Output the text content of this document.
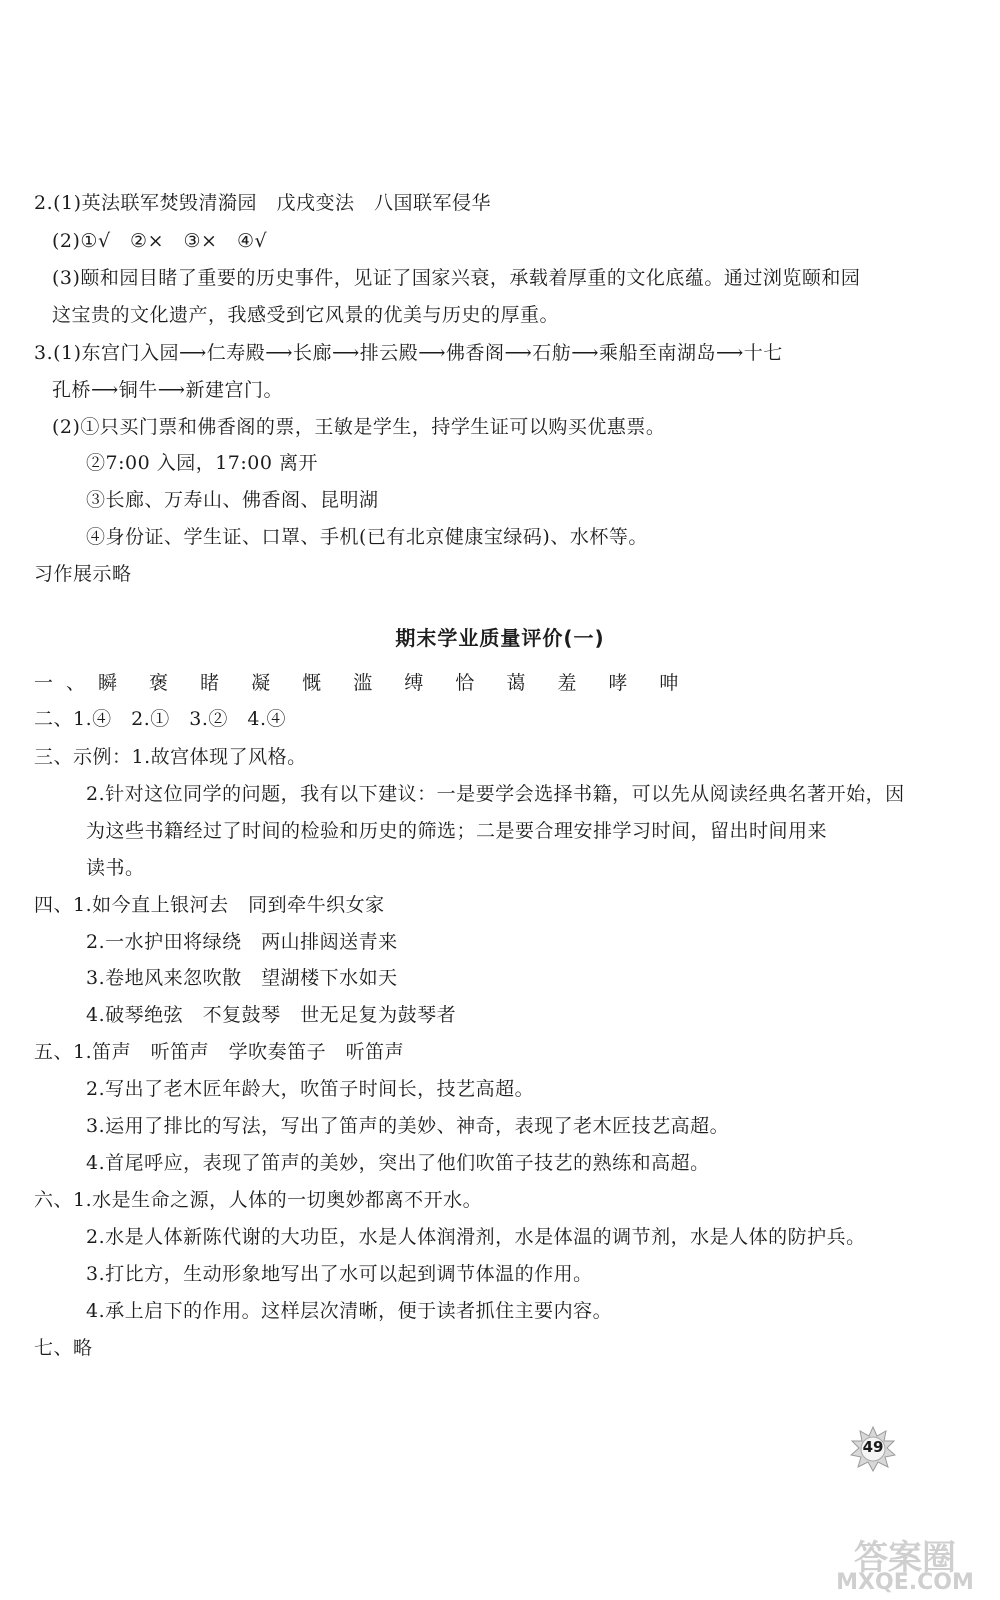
2.(1)英法联军焚毁清漪园　戊戌变法　八国联军侵华
(2)①√　②×　③×　④√
(3)颐和园目睹了重要的历史事件，见证了国家兴衰，承载着厚重的文化底蕴。通过浏览颐和园
这宝贵的文化遗产，我感受到它风景的优美与历史的厚重。
3.(1)东宫门入园⟶仁寿殿⟶长廊⟶排云殿⟶佛香阁⟶石舫⟶乘船至南湖岛⟶十七
孔桥⟶铜牛⟶新建宫门。
(2)①只买门票和佛香阁的票，王敏是学生，持学生证可以购买优惠票。
②7:00 入园，17:00 离开
③长廊、万寿山、佛香阁、昆明湖
④身份证、学生证、口罩、手机(已有北京健康宝绿码)、水杯等。
习作展示略
期末学业质量评价(一)
一、瞬 褒 睹 凝 慨 滥 缚 恰 蔼 羞 哮 呻
二、1.④　2.①　3.②　4.④
三、示例：1.故宫体现了风格。
2.针对这位同学的问题，我有以下建议：一是要学会选择书籍，可以先从阅读经典名著开始，因
为这些书籍经过了时间的检验和历史的筛选；二是要合理安排学习时间，留出时间用来
读书。
四、1.如今直上银河去　同到牵牛织女家
2.一水护田将绿绕　两山排闼送青来
3.卷地风来忽吹散　望湖楼下水如天
4.破琴绝弦　不复鼓琴　世无足复为鼓琴者
五、1.笛声　听笛声　学吹奏笛子　听笛声
2.写出了老木匠年龄大，吹笛子时间长，技艺高超。
3.运用了排比的写法，写出了笛声的美妙、神奇，表现了老木匠技艺高超。
4.首尾呼应，表现了笛声的美妙，突出了他们吹笛子技艺的熟练和高超。
六、1.水是生命之源，人体的一切奥妙都离不开水。
2.水是人体新陈代谢的大功臣，水是人体润滑剂，水是体温的调节剂，水是人体的防护兵。
3.打比方，生动形象地写出了水可以起到调节体温的作用。
4.承上启下的作用。这样层次清晰，便于读者抓住主要内容。
七、略
49
答案圈
MXQE.COM
